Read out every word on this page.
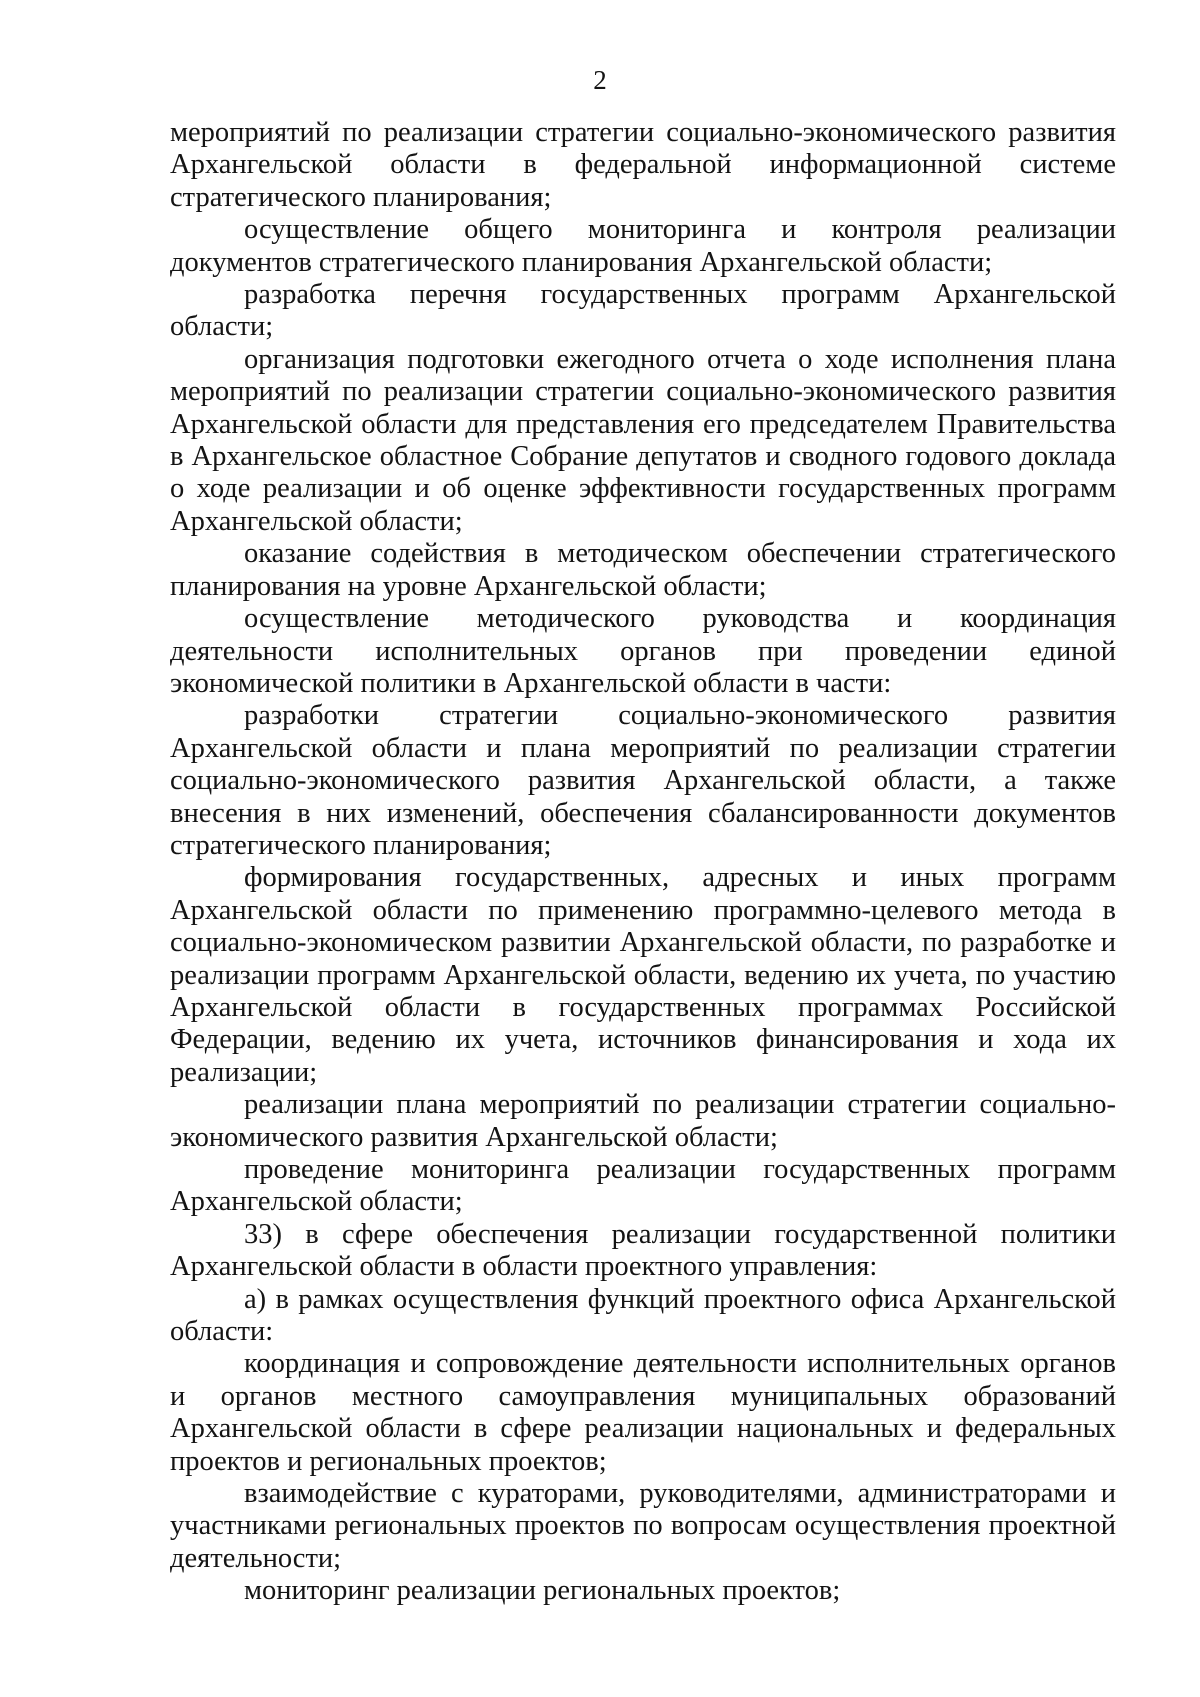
2

мероприятий по реализации стратегии социально-экономического развития Архангельской области в федеральной информационной системе стратегического планирования;

осуществление общего мониторинга и контроля реализации документов стратегического планирования Архангельской области;

разработка перечня государственных программ Архангельской области;

организация подготовки ежегодного отчета о ходе исполнения плана мероприятий по реализации стратегии социально-экономического развития Архангельской области для представления его председателем Правительства в Архангельское областное Собрание депутатов и сводного годового доклада о ходе реализации и об оценке эффективности государственных программ Архангельской области;

оказание содействия в методическом обеспечении стратегического планирования на уровне Архангельской области;

осуществление методического руководства и координация деятельности исполнительных органов при проведении единой экономической политики в Архангельской области в части:

разработки стратегии социально-экономического развития Архангельской области и плана мероприятий по реализации стратегии социально-экономического развития Архангельской области, а также внесения в них изменений, обеспечения сбалансированности документов стратегического планирования;

формирования государственных, адресных и иных программ Архангельской области по применению программно-целевого метода в социально-экономическом развитии Архангельской области, по разработке и реализации программ Архангельской области, ведению их учета, по участию Архангельской области в государственных программах Российской Федерации, ведению их учета, источников финансирования и хода их реализации;

реализации плана мероприятий по реализации стратегии социально-экономического развития Архангельской области;

проведение мониторинга реализации государственных программ Архангельской области;

33) в сфере обеспечения реализации государственной политики Архангельской области в области проектного управления:

а) в рамках осуществления функций проектного офиса Архангельской области:

координация и сопровождение деятельности исполнительных органов и органов местного самоуправления муниципальных образований Архангельской области в сфере реализации национальных и федеральных проектов и региональных проектов;

взаимодействие с кураторами, руководителями, администраторами и участниками региональных проектов по вопросам осуществления проектной деятельности;

мониторинг реализации региональных проектов;
